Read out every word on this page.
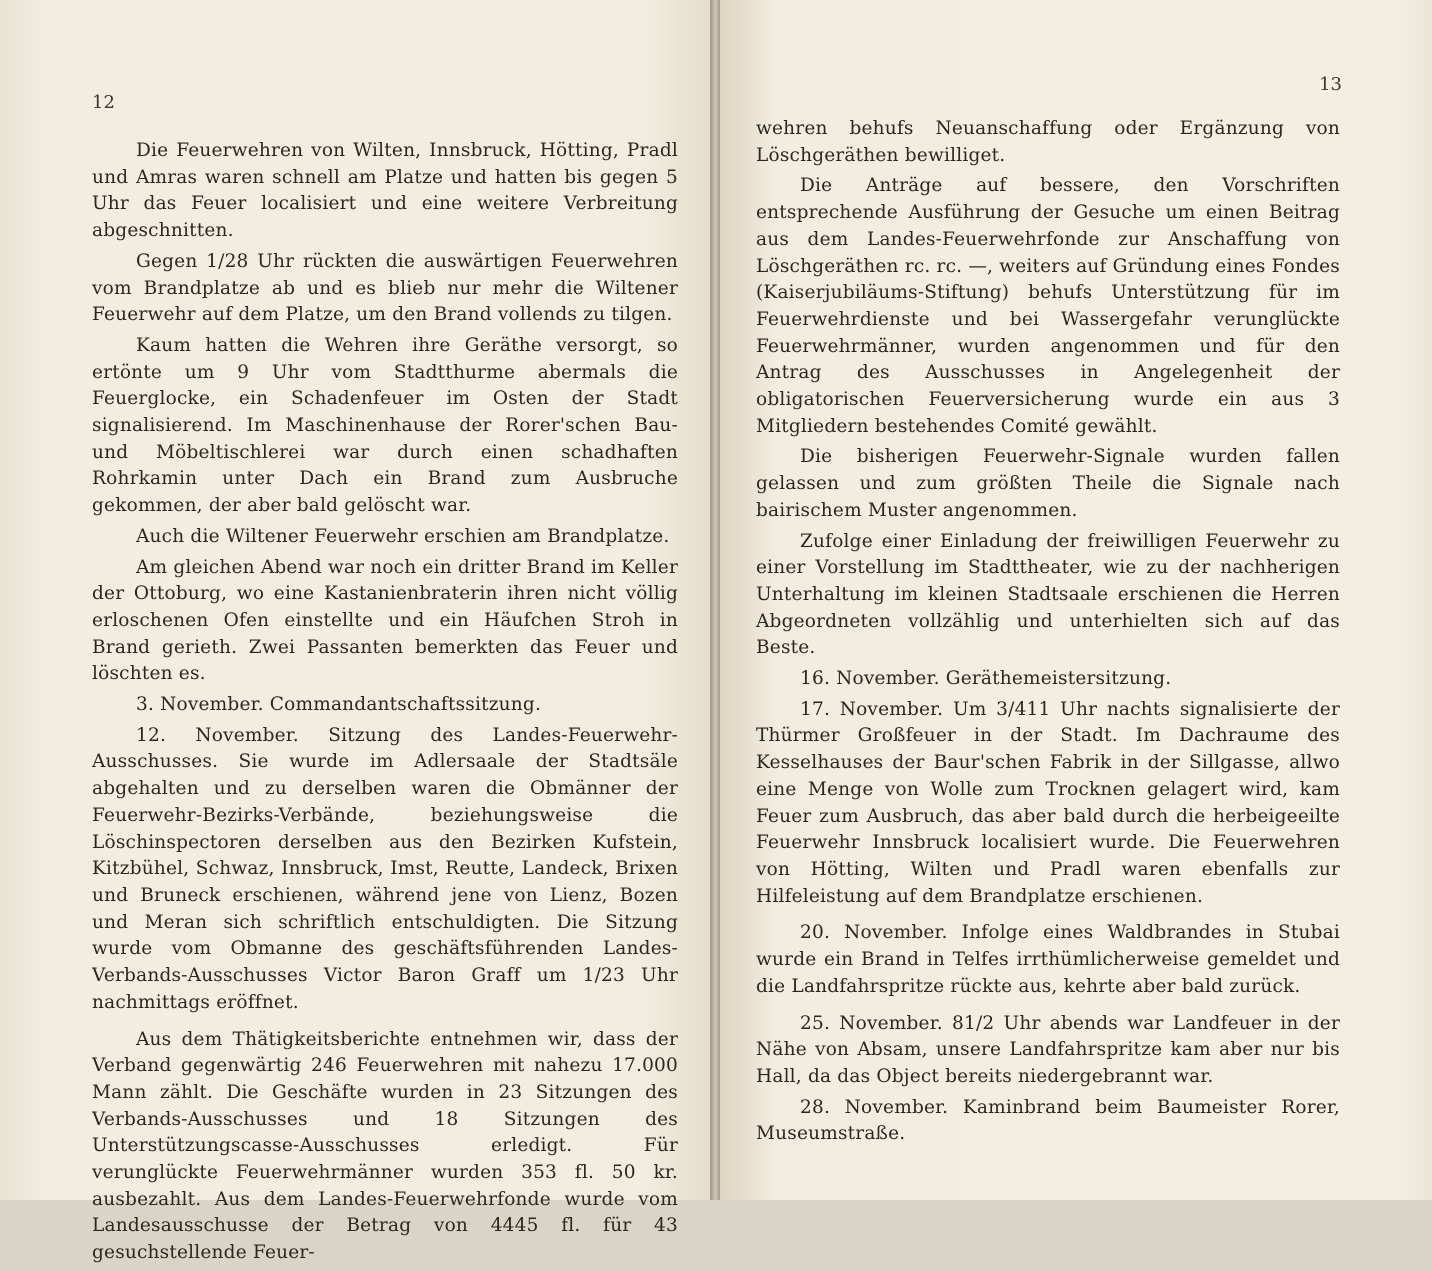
12

Die Feuerwehren von Wilten, Innsbruck, Hötting, Pradl und Amras waren schnell am Platze und hatten bis gegen 5 Uhr das Feuer localisiert und eine weitere Verbreitung abgeschnitten.

Gegen 1/28 Uhr rückten die auswärtigen Feuerwehren vom Brandplatze ab und es blieb nur mehr die Wiltener Feuerwehr auf dem Platze, um den Brand vollends zu tilgen.

Kaum hatten die Wehren ihre Geräthe versorgt, so ertönte um 9 Uhr vom Stadtthurme abermals die Feuerglocke, ein Schadenfeuer im Osten der Stadt signalisierend. Im Maschinenhause der Rorer'schen Bau- und Möbeltischlerei war durch einen schadhaften Rohrkamin unter Dach ein Brand zum Ausbruche gekommen, der aber bald gelöscht war.

Auch die Wiltener Feuerwehr erschien am Brandplatze.

Am gleichen Abend war noch ein dritter Brand im Keller der Ottoburg, wo eine Kastanienbraterin ihren nicht völlig erloschenen Ofen einstellte und ein Häufchen Stroh in Brand gerieth. Zwei Passanten bemerkten das Feuer und löschten es.

3. November. Commandantschaftssitzung.

12. November. Sitzung des Landes-Feuerwehr-Ausschusses. Sie wurde im Adlersaale der Stadtsäle abgehalten und zu derselben waren die Obmänner der Feuerwehr-Bezirks-Verbände, beziehungsweise die Löschinspectoren derselben aus den Bezirken Kufstein, Kitzbühel, Schwaz, Innsbruck, Imst, Reutte, Landeck, Brixen und Bruneck erschienen, während jene von Lienz, Bozen und Meran sich schriftlich entschuldigten. Die Sitzung wurde vom Obmanne des geschäftsführenden Landes-Verbands-Ausschusses Victor Baron Graff um 1/23 Uhr nachmittags eröffnet.

Aus dem Thätigkeitsberichte entnehmen wir, dass der Verband gegenwärtig 246 Feuerwehren mit nahezu 17.000 Mann zählt. Die Geschäfte wurden in 23 Sitzungen des Verbands-Ausschusses und 18 Sitzungen des Unterstützungscasse-Ausschusses erledigt. Für verunglückte Feuerwehrmänner wurden 353 fl. 50 kr. ausbezahlt. Aus dem Landes-Feuerwehrfonde wurde vom Landesausschusse der Betrag von 4445 fl. für 43 gesuchstellende Feuer-

13

wehren behufs Neuanschaffung oder Ergänzung von Löschgeräthen bewilliget.

Die Anträge auf bessere, den Vorschriften entsprechende Ausführung der Gesuche um einen Beitrag aus dem Landes-Feuerwehrfonde zur Anschaffung von Löschgeräthen rc. rc. —, weiters auf Gründung eines Fondes (Kaiserjubiläums-Stiftung) behufs Unterstützung für im Feuerwehrdienste und bei Wassergefahr verunglückte Feuerwehrmänner, wurden angenommen und für den Antrag des Ausschusses in Angelegenheit der obligatorischen Feuerversicherung wurde ein aus 3 Mitgliedern bestehendes Comité gewählt.

Die bisherigen Feuerwehr-Signale wurden fallen gelassen und zum größten Theile die Signale nach bairischem Muster angenommen.

Zufolge einer Einladung der freiwilligen Feuerwehr zu einer Vorstellung im Stadttheater, wie zu der nachherigen Unterhaltung im kleinen Stadtsaale erschienen die Herren Abgeordneten vollzählig und unterhielten sich auf das Beste.

16. November. Geräthemeistersitzung.

17. November. Um 3/411 Uhr nachts signalisierte der Thürmer Großfeuer in der Stadt. Im Dachraume des Kesselhauses der Baur'schen Fabrik in der Sillgasse, allwo eine Menge von Wolle zum Trocknen gelagert wird, kam Feuer zum Ausbruch, das aber bald durch die herbeigeeilte Feuerwehr Innsbruck localisiert wurde. Die Feuerwehren von Hötting, Wilten und Pradl waren ebenfalls zur Hilfeleistung auf dem Brandplatze erschienen.

20. November. Infolge eines Waldbrandes in Stubai wurde ein Brand in Telfes irrthümlicherweise gemeldet und die Landfahrspritze rückte aus, kehrte aber bald zurück.

25. November. 81/2 Uhr abends war Landfeuer in der Nähe von Absam, unsere Landfahrspritze kam aber nur bis Hall, da das Object bereits niedergebrannt war.

28. November. Kaminbrand beim Baumeister Rorer, Museumstraße.
